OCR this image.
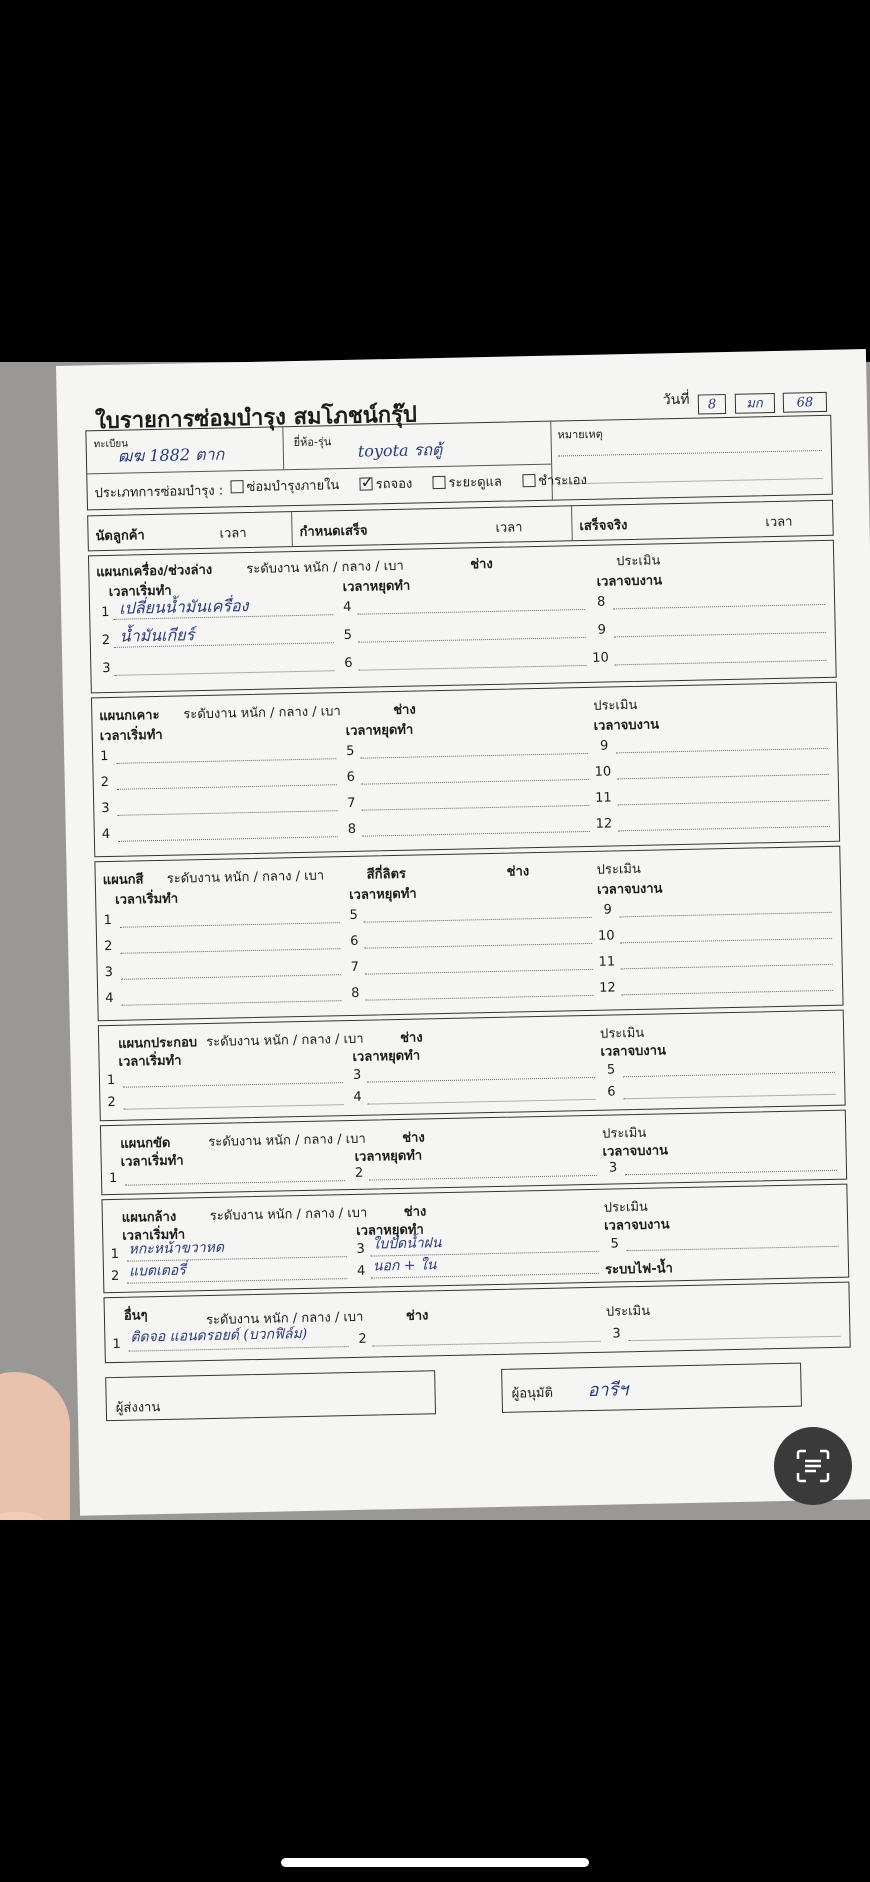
ใบรายการซ่อมบำรุง สมโภชน์กรุ๊ป
วันที่ 8 มก	68
ทะเบียน
ฒฆ 1882 ตาก
ยี่ห้อ-รุ่น toyota รถตู้
หมายเหตุ
ประเภทการซ่อมบำรุง :	ซ่อมบำรุงภายใน  ✓	รถจอง	ระยะดูแล	ชำระเอง
นัดลูกค้า	เวลา	กำหนดเสร็จ	เวลา	เสร็จจริง	เวลา
แผนกเครื่อง/ช่วงล่าง	ระดับงาน หนัก / กลาง / เบา	ช่าง	ประเมิน
เวลาเริ่มทำ	เวลาหยุดทำ	เวลาจบงาน
1 เปลี่ยนน้ำมันเครื่อง
2 น้ำมันเกียร์
3
4
5
6
8
9
10
แผนกเคาะ ระดับงาน หนัก / กลาง / เบา	ช่าง	ประเมิน
เวลาเริ่มทำ	เวลาหยุดทำ	เวลาจบงาน
1
2
3
4
5
6
7
8
9
10
11
12
แผนกสี ระดับงาน หนัก / กลาง / เบา	สีกี่ลิตร	ช่าง	ประเมิน
เวลาเริ่มทำ	เวลาหยุดทำ	เวลาจบงาน
1
2
3
4
5
6
7
8
9
10
11
12
แผนกประกอบ ระดับงาน หนัก / กลาง / เบา	ช่าง	ประเมิน
เวลาเริ่มทำ	เวลาหยุดทำ	เวลาจบงาน
1
2
3
4
5
6
แผนกขัด	ระดับงาน หนัก / กลาง / เบา	ช่าง	ประเมิน
เวลาเริ่มทำ	เวลาหยุดทำ	เวลาจบงาน
1	2	3
แผนกล้าง	ระดับงาน หนัก / กลาง / เบา	ช่าง	ประเมิน
เวลาเริ่มทำ	เวลาหยุดทำ	เวลาจบงาน
1 หกะหน้าขวาหด
2 แบตเตอรี่
3 ใบปัดน้ำฝน
4 นอก + ใน
5
ระบบไฟ-น้ำ
อื่นๆ	ระดับงาน หนัก / กลาง / เบา	ช่าง	ประเมิน
1 ติดจอ แอนดรอยด์ (บวกฟิล์ม)	2	3
ผู้ส่งงาน
ผู้อนุมัติ อารีฯ
